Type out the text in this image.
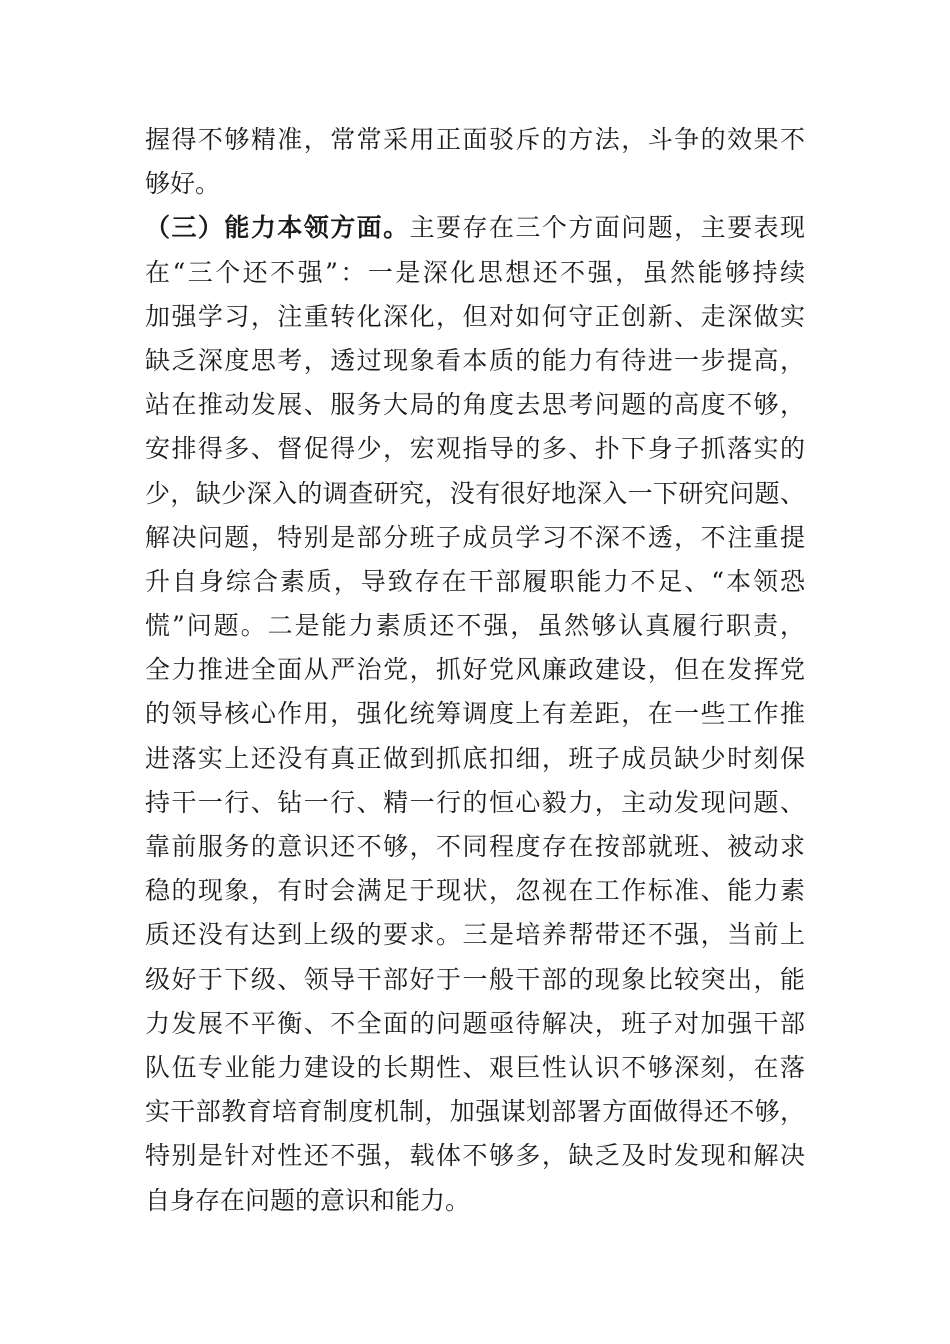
握得不够精准，常常采用正面驳斥的方法，斗争的效果不
够好。
（三）能力本领方面。主要存在三个方面问题，主要表现
在“三个还不强”：一是深化思想还不强，虽然能够持续
加强学习，注重转化深化，但对如何守正创新、走深做实
缺乏深度思考，透过现象看本质的能力有待进一步提高，
站在推动发展、服务大局的角度去思考问题的高度不够，
安排得多、督促得少，宏观指导的多、扑下身子抓落实的
少，缺少深入的调查研究，没有很好地深入一下研究问题、
解决问题，特别是部分班子成员学习不深不透，不注重提
升自身综合素质，导致存在干部履职能力不足、“本领恐
慌”问题。二是能力素质还不强，虽然够认真履行职责，
全力推进全面从严治党，抓好党风廉政建设，但在发挥党
的领导核心作用，强化统筹调度上有差距，在一些工作推
进落实上还没有真正做到抓底扣细，班子成员缺少时刻保
持干一行、钻一行、精一行的恒心毅力，主动发现问题、
靠前服务的意识还不够，不同程度存在按部就班、被动求
稳的现象，有时会满足于现状，忽视在工作标准、能力素
质还没有达到上级的要求。三是培养帮带还不强，当前上
级好于下级、领导干部好于一般干部的现象比较突出，能
力发展不平衡、不全面的问题亟待解决，班子对加强干部
队伍专业能力建设的长期性、艰巨性认识不够深刻，在落
实干部教育培育制度机制，加强谋划部署方面做得还不够，
特别是针对性还不强，载体不够多，缺乏及时发现和解决
自身存在问题的意识和能力。
